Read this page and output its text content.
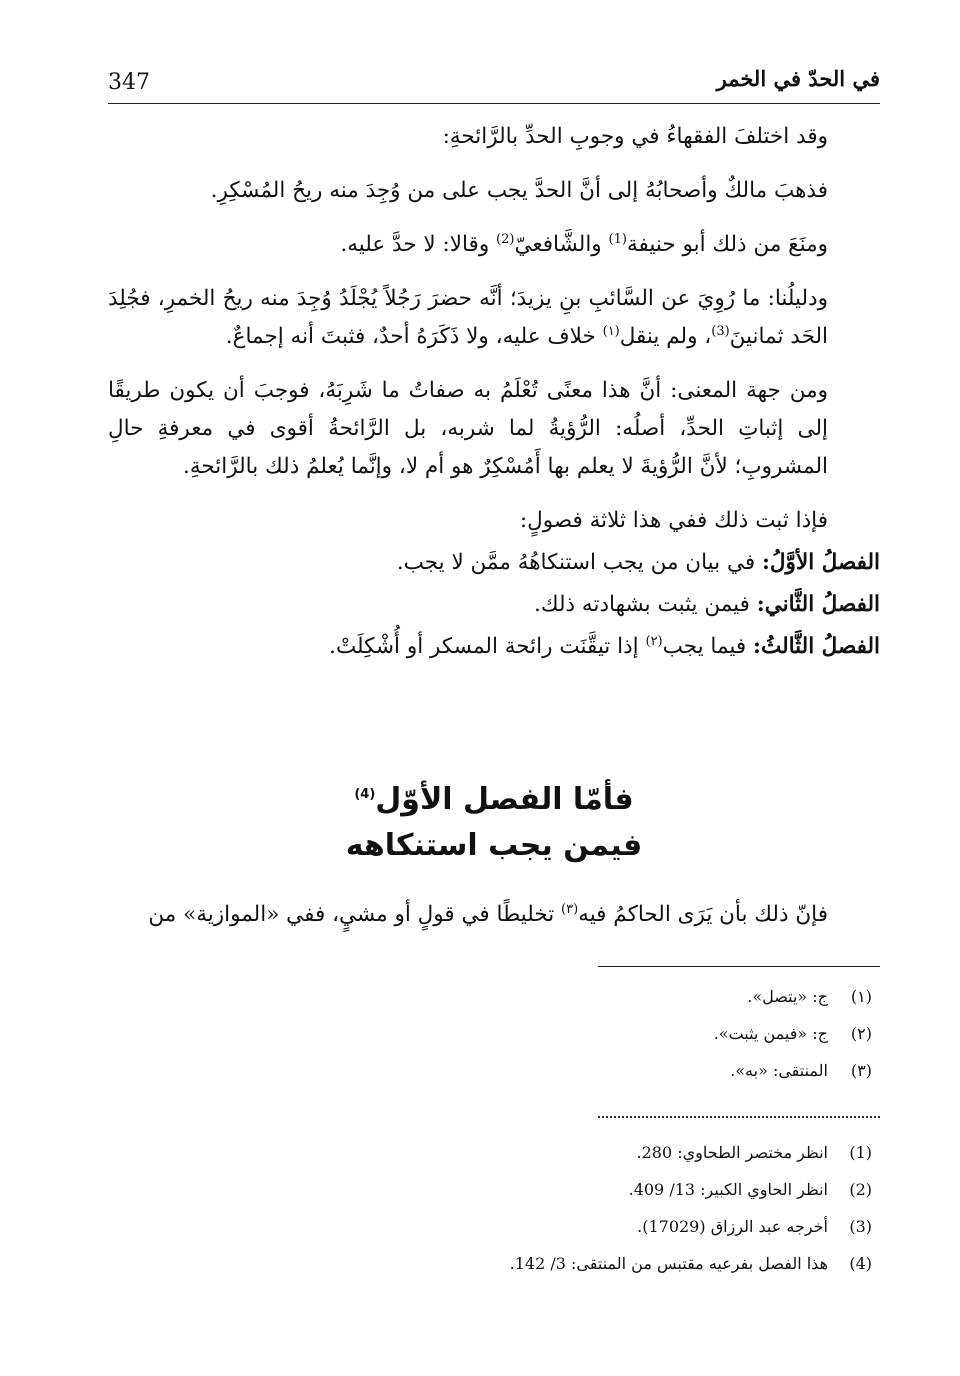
347	في الحدّ في الخمر

وقد اختلفَ الفقهاءُ في وجوبِ الحدِّ بالرَّائحةِ:

فذهبَ مالكٌ وأصحابُهُ إلى أنَّ الحدَّ يجب على من وُجِدَ منه ريحُ المُسْكِرِ.

ومنَعَ من ذلك أبو حنيفة$^{(1)}$ والشَّافعيّ$^{(2)}$ وقالا: لا حدَّ عليه.

ودليلُنا: ما رُوِيَ عن السَّائبِ بنِ يزيدَ؛ أنَّه حضرَ رَجُلاً يُجْلَدُ وُجِدَ منه ريحُ الخمرِ، فجُلِدَ الحَد ثمانينَ$^{(3)}$، ولم ينقل$^{(١)}$ خلاف عليه، ولا ذَكَرَهُ أحدٌ، فثبتَ أنه إجماعٌ.

ومن جهة المعنى: أنَّ هذا معنًى تُعْلَمُ به صفاتُ ما شَرِبَهُ، فوجبَ أن يكون طريقًا إلى إثباتِ الحدِّ، أصلُه: الرُّؤيةُ لما شربه، بل الرَّائحةُ أقوى في معرفةِ حالِ المشروبِ؛ لأنَّ الرُّؤيةَ لا يعلم بها أَمُسْكِرٌ هو أم لا، وإنَّما يُعلمُ ذلك بالرَّائحةِ.

فإذا ثبت ذلك ففي هذا ثلاثة فصولٍ:

الفصلُ الأوَّلُ: في بيان من يجب استنكاهُهُ ممَّن لا يجب.

الفصلُ الثَّاني: فيمن يثبت بشهادته ذلك.

الفصلُ الثَّالثُ: فيما يجب$^{(٢)}$ إذا تيقَّنَت رائحة المسكر أو أُشْكِلَتْ.

فأمّا الفصل الأوّل$^{(4)}$
فيمن يجب استنكاهه
فإنّ ذلك بأن يَرَى الحاكمُ فيه$^{(٣)}$ تخليطًا في قولٍ أو مشيٍ، ففي «الموازية» من
(١)
ج: «يتصل».
(٢)
ج: «فيمن يثبت».
(٣)
المنتقى: «به».
(1)
انظر مختصر الطحاوي: 280.
(2)
انظر الحاوي الكبير: 13/ 409.
(3)
أخرجه عبد الرزاق (17029).
(4)
هذا الفصل بفرعيه مقتبس من المنتقى: 3/ 142.
